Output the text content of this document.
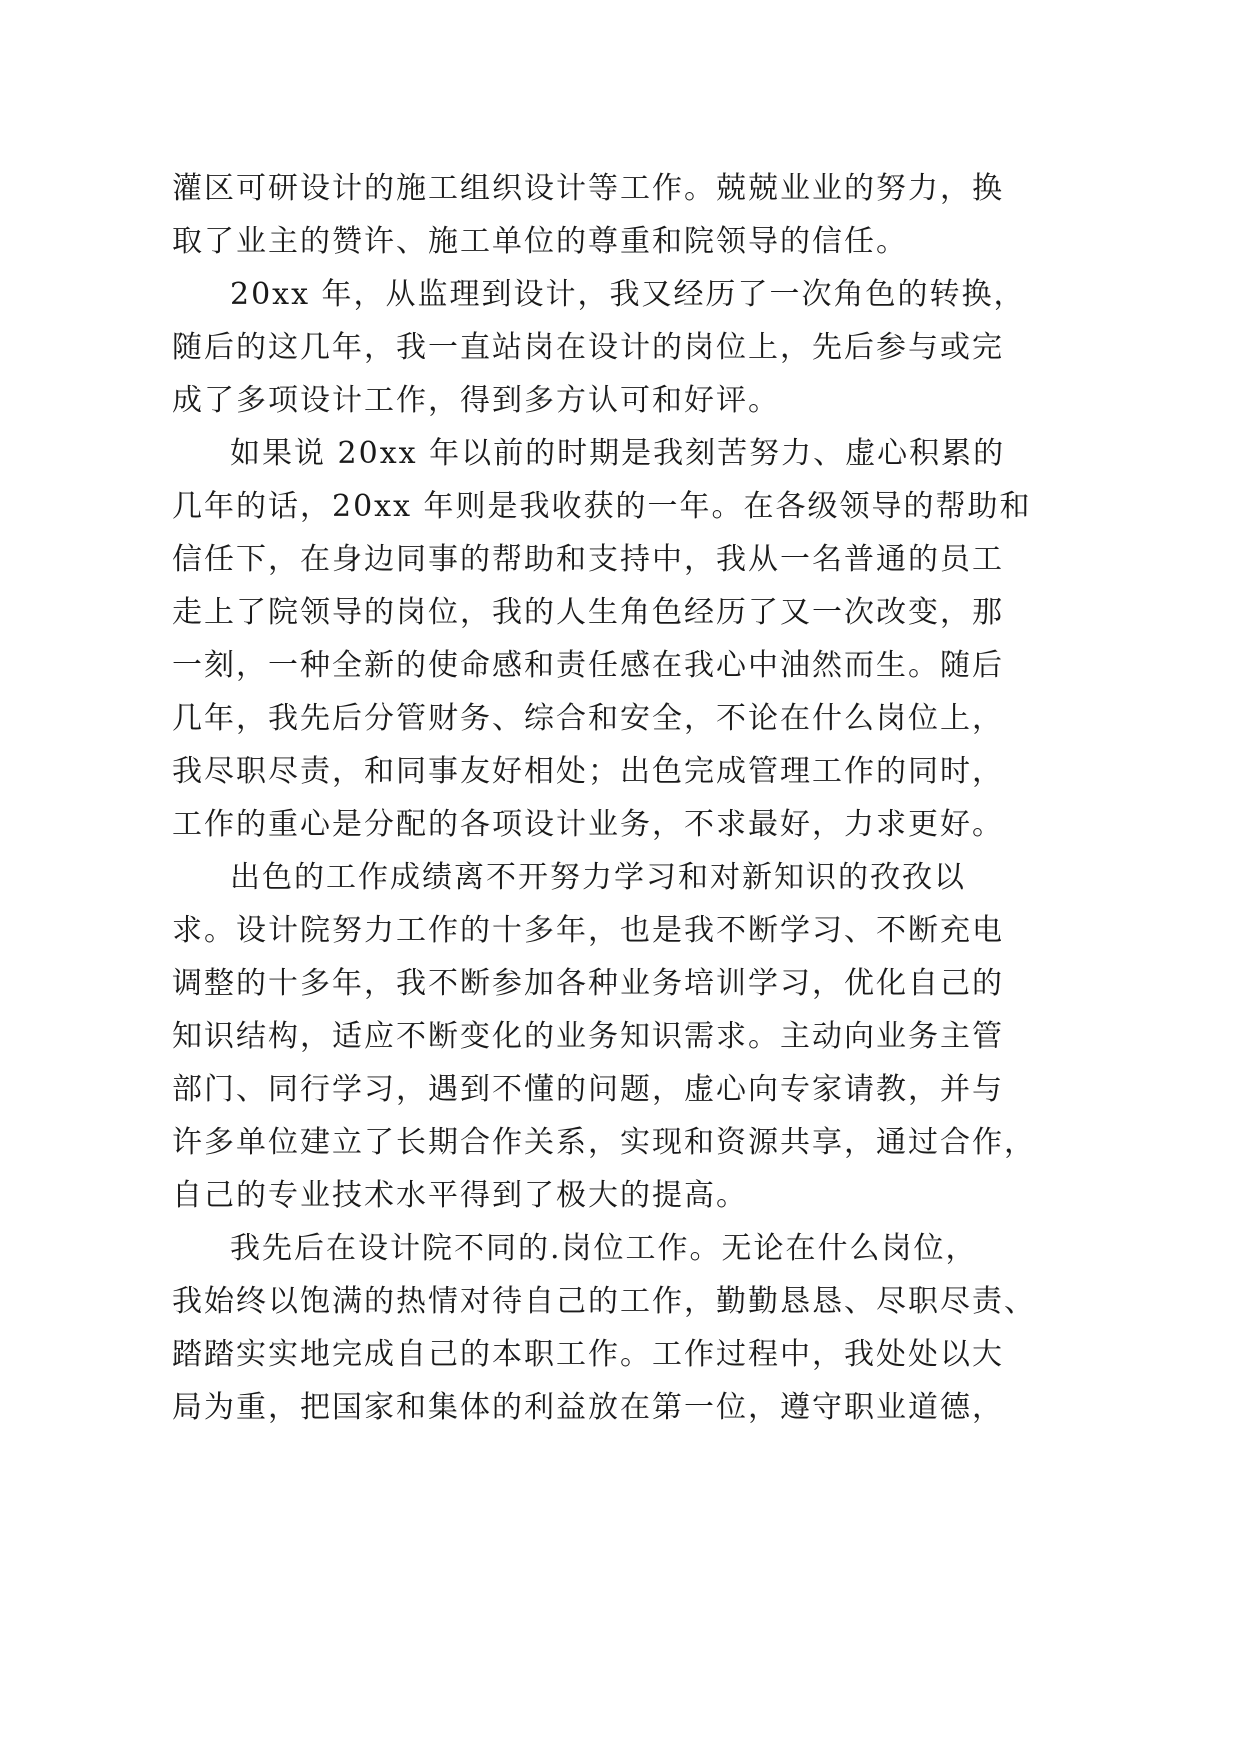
灌区可研设计的施工组织设计等工作。兢兢业业的努力，换
取了业主的赞许、施工单位的尊重和院领导的信任。
20xx 年，从监理到设计，我又经历了一次角色的转换，
随后的这几年，我一直站岗在设计的岗位上，先后参与或完
成了多项设计工作，得到多方认可和好评。
如果说 20xx 年以前的时期是我刻苦努力、虚心积累的
几年的话，20xx 年则是我收获的一年。在各级领导的帮助和
信任下，在身边同事的帮助和支持中，我从一名普通的员工
走上了院领导的岗位，我的人生角色经历了又一次改变，那
一刻，一种全新的使命感和责任感在我心中油然而生。随后
几年，我先后分管财务、综合和安全，不论在什么岗位上，
我尽职尽责，和同事友好相处；出色完成管理工作的同时，
工作的重心是分配的各项设计业务，不求最好，力求更好。
出色的工作成绩离不开努力学习和对新知识的孜孜以
求。设计院努力工作的十多年，也是我不断学习、不断充电
调整的十多年，我不断参加各种业务培训学习，优化自己的
知识结构，适应不断变化的业务知识需求。主动向业务主管
部门、同行学习，遇到不懂的问题，虚心向专家请教，并与
许多单位建立了长期合作关系，实现和资源共享，通过合作，
自己的专业技术水平得到了极大的提高。
我先后在设计院不同的.岗位工作。无论在什么岗位，
我始终以饱满的热情对待自己的工作，勤勤恳恳、尽职尽责、
踏踏实实地完成自己的本职工作。工作过程中，我处处以大
局为重，把国家和集体的利益放在第一位，遵守职业道德，
